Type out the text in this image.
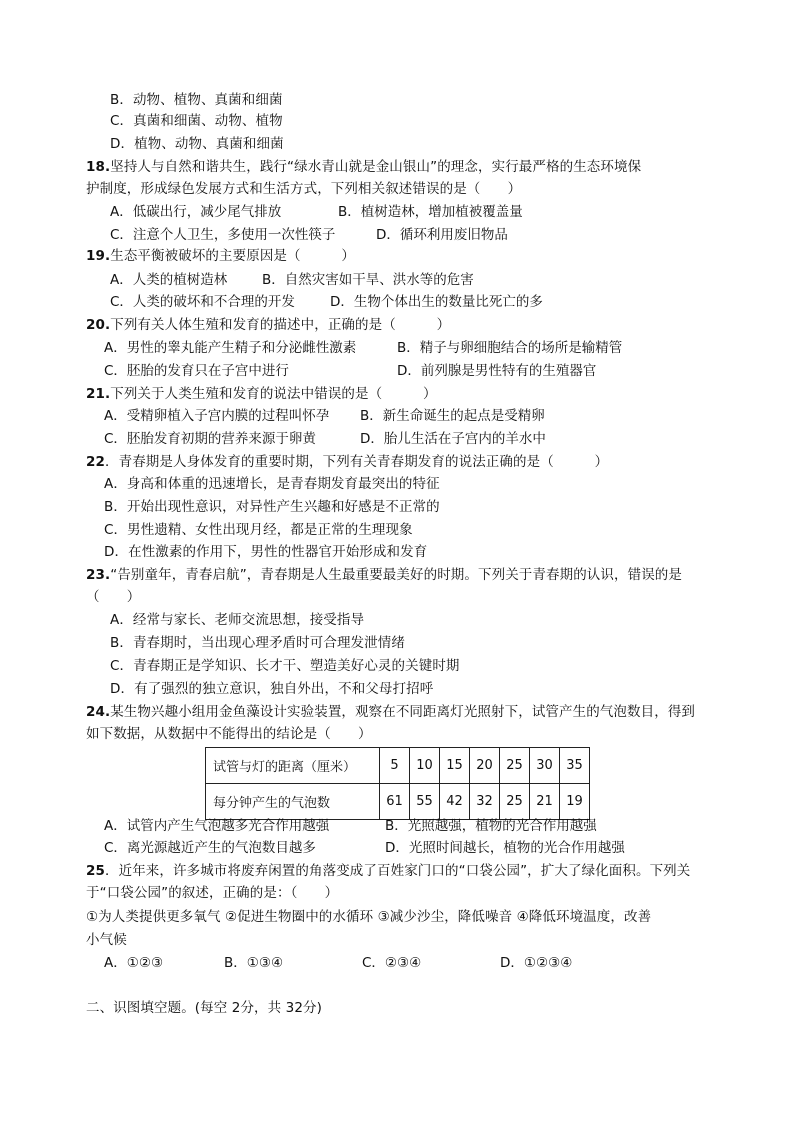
B．动物、植物、真菌和细菌
C．真菌和细菌、动物、植物
D．植物、动物、真菌和细菌
18.坚持人与自然和谐共生，践行“绿水青山就是金山银山”的理念，实行最严格的生态环境保
护制度，形成绿色发展方式和生活方式，下列相关叙述错误的是（　　）
A．低碳出行，减少尾气排放	B．植树造林，增加植被覆盖量
C．注意个人卫生，多使用一次性筷子	D．循环利用废旧物品
19.生态平衡被破坏的主要原因是（　　　）
A．人类的植树造林	B．自然灾害如干旱、洪水等的危害
C．人类的破坏和不合理的开发	D．生物个体出生的数量比死亡的多
20.下列有关人体生殖和发育的描述中，正确的是（　　　）
A．男性的睾丸能产生精子和分泌雌性激素	B．精子与卵细胞结合的场所是输精管
C．胚胎的发育只在子宫中进行	D．前列腺是男性特有的生殖器官
21.下列关于人类生殖和发育的说法中错误的是（　　　）
A．受精卵植入子宫内膜的过程叫怀孕 B．新生命诞生的起点是受精卵
C．胚胎发育初期的营养来源于卵黄	D．胎儿生活在子宫内的羊水中
22．青春期是人身体发育的重要时期，下列有关青春期发育的说法正确的是（　　　）
A．身高和体重的迅速增长，是青春期发育最突出的特征
B．开始出现性意识，对异性产生兴趣和好感是不正常的
C．男性遗精、女性出现月经，都是正常的生理现象
D．在性激素的作用下，男性的性器官开始形成和发育
23.“告别童年，青春启航”，青春期是人生最重要最美好的时期。下列关于青春期的认识，错误的是
（　　）
A．经常与家长、老师交流思想，接受指导
B．青春期时，当出现心理矛盾时可合理发泄情绪
C．青春期正是学知识、长才干、塑造美好心灵的关键时期
D．有了强烈的独立意识，独自外出，不和父母打招呼
24.某生物兴趣小组用金鱼藻设计实验装置，观察在不同距离灯光照射下，试管产生的气泡数目，得到
如下数据，从数据中不能得出的结论是（　　）
试管与灯的距离（厘米）	5	10	15	20	25	30	35
每分钟产生的气泡数	61	55	42	32	25	21	19
A．试管内产生气泡越多光合作用越强	B．光照越强，植物的光合作用越强
C．离光源越近产生的气泡数目越多	D．光照时间越长，植物的光合作用越强
25．近年来，许多城市将废弃闲置的角落变成了百姓家门口的“口袋公园”，扩大了绿化面积。下列关
于“口袋公园”的叙述，正确的是：（　　）
①为人类提供更多氧气 ②促进生物圈中的水循环 ③减少沙尘，降低噪音 ④降低环境温度，改善
小气候
A．①②③	B．①③④	C．②③④	D．①②③④
二、识图填空题。(每空 2分，共 32分)
